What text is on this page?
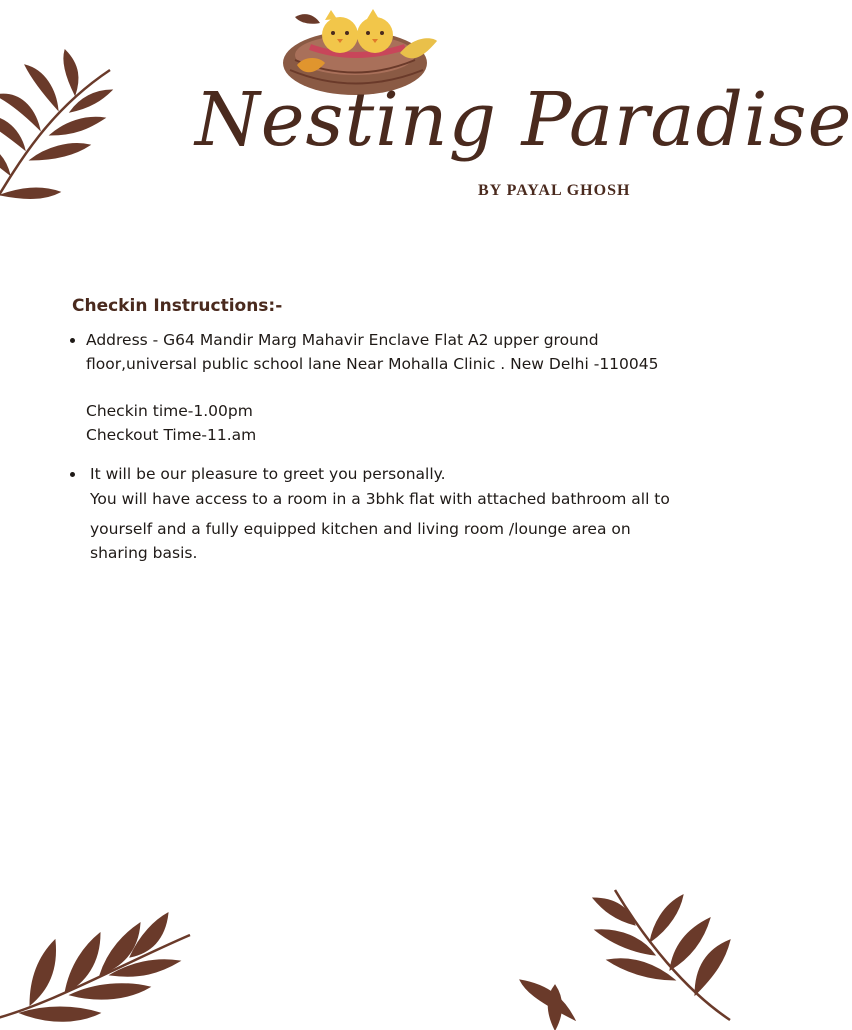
Nesting Paradise
BY PAYAL GHOSH
Checkin Instructions:-
Address - G64 Mandir Marg Mahavir Enclave Flat A2 upper ground
floor,universal public school lane Near Mohalla Clinic . New Delhi -110045
Checkin time-1.00pm
Checkout Time-11.am
It will be our pleasure to greet you personally.
You will have access to a room in a 3bhk flat with attached bathroom all to
yourself and a fully equipped kitchen and living room /lounge area on
sharing basis.
